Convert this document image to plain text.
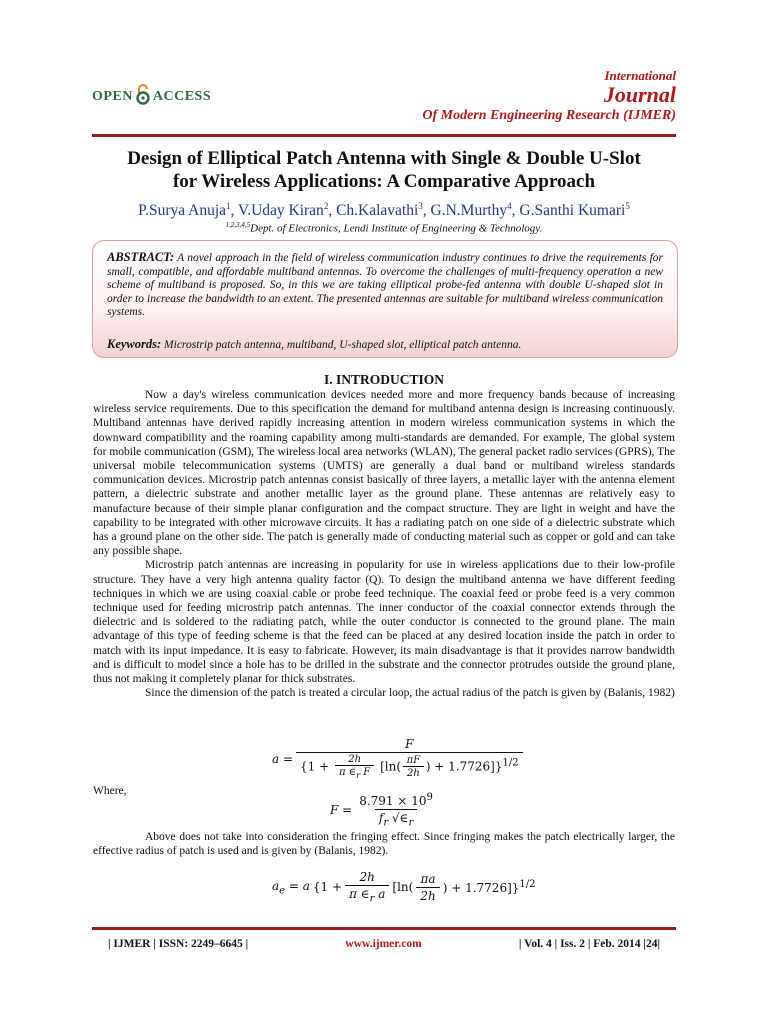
OPEN ACCESS
International
Journal
Of Modern Engineering Research (IJMER)
Design of Elliptical Patch Antenna with Single & Double U-Slot
for Wireless Applications: A Comparative Approach
P.Surya Anuja$^1$, V.Uday Kiran$^2$, Ch.Kalavathi$^3$, G.N.Murthy$^4$, G.Santhi Kumari$^5$
$^{1,2,3,4,5}$Dept. of Electronics, Lendi Institute of Engineering & Technology.
ABSTRACT: A novel approach in the field of wireless communication industry continues to drive the requirements for small, compatible, and affordable multiband antennas. To overcome the challenges of multi-frequency operation a new scheme of multiband is proposed. So, in this we are taking elliptical probe-fed antenna with double U-shaped slot in order to increase the bandwidth to an extent. The presented antennas are suitable for multiband wireless communication systems.
Keywords: Microstrip patch antenna, multiband, U-shaped slot, elliptical patch antenna.
I. INTRODUCTION

Now a day's wireless communication devices needed more and more frequency bands because of increasing wireless service requirements. Due to this specification the demand for multiband antenna design is increasing continuously. Multiband antennas have derived rapidly increasing attention in modern wireless communication systems in which the downward compatibility and the roaming capability among multi-standards are demanded. For example, The global system for mobile communication (GSM), The wireless local area networks (WLAN), The general packet radio services (GPRS), The universal mobile telecommunication systems (UMTS) are generally a dual band or multiband wireless standards communication devices. Microstrip patch antennas consist basically of three layers, a metallic layer with the antenna element pattern, a dielectric substrate and another metallic layer as the ground plane. These antennas are relatively easy to manufacture because of their simple planar configuration and the compact structure. They are light in weight and have the capability to be integrated with other microwave circuits. It has a radiating patch on one side of a dielectric substrate which has a ground plane on the other side. The patch is generally made of conducting material such as copper or gold and can take any possible shape.

Microstrip patch antennas are increasing in popularity for use in wireless applications due to their low-profile structure. They have a very high antenna quality factor (Q). To design the multiband antenna we have different feeding techniques in which we are using coaxial cable or probe feed technique. The coaxial feed or probe feed is a very common technique used for feeding microstrip patch antennas. The inner conductor of the coaxial connector extends through the dielectric and is soldered to the radiating patch, while the outer conductor is connected to the ground plane. The main advantage of this type of feeding scheme is that the feed can be placed at any desired location inside the patch in order to match with its input impedance. It is easy to fabricate. However, its main disadvantage is that it provides narrow bandwidth and is difficult to model since a hole has to be drilled in the substrate and the connector protrudes outside the ground plane, thus not making it completely planar for thick substrates.

Since the dimension of the patch is treated a circular loop, the actual radius of the patch is given by (Balanis, 1982)

$a = \frac{F}{\{1 + \frac{2h}{\pi \in_r F} [\ln( \frac{\pi F}{2h} ) + 1.7726]\}^{1/2}}$

Where,

$F = \frac{8.791 \times 10^9}{f_r √\in_r}$

Above does not take into consideration the fringing effect. Since fringing makes the patch electrically larger, the effective radius of patch is used and is given by (Balanis, 1982).

$a_e = a$ {$1 + \frac{2h}{\pi \in_r a} [\ln( \frac{\pi a}{2h}$ ) + 1.7726]}$^{1/2}$
| IJMER | ISSN: 2249–6645 |	www.ijmer.com	| Vol. 4 | Iss. 2 | Feb. 2014 |24|
